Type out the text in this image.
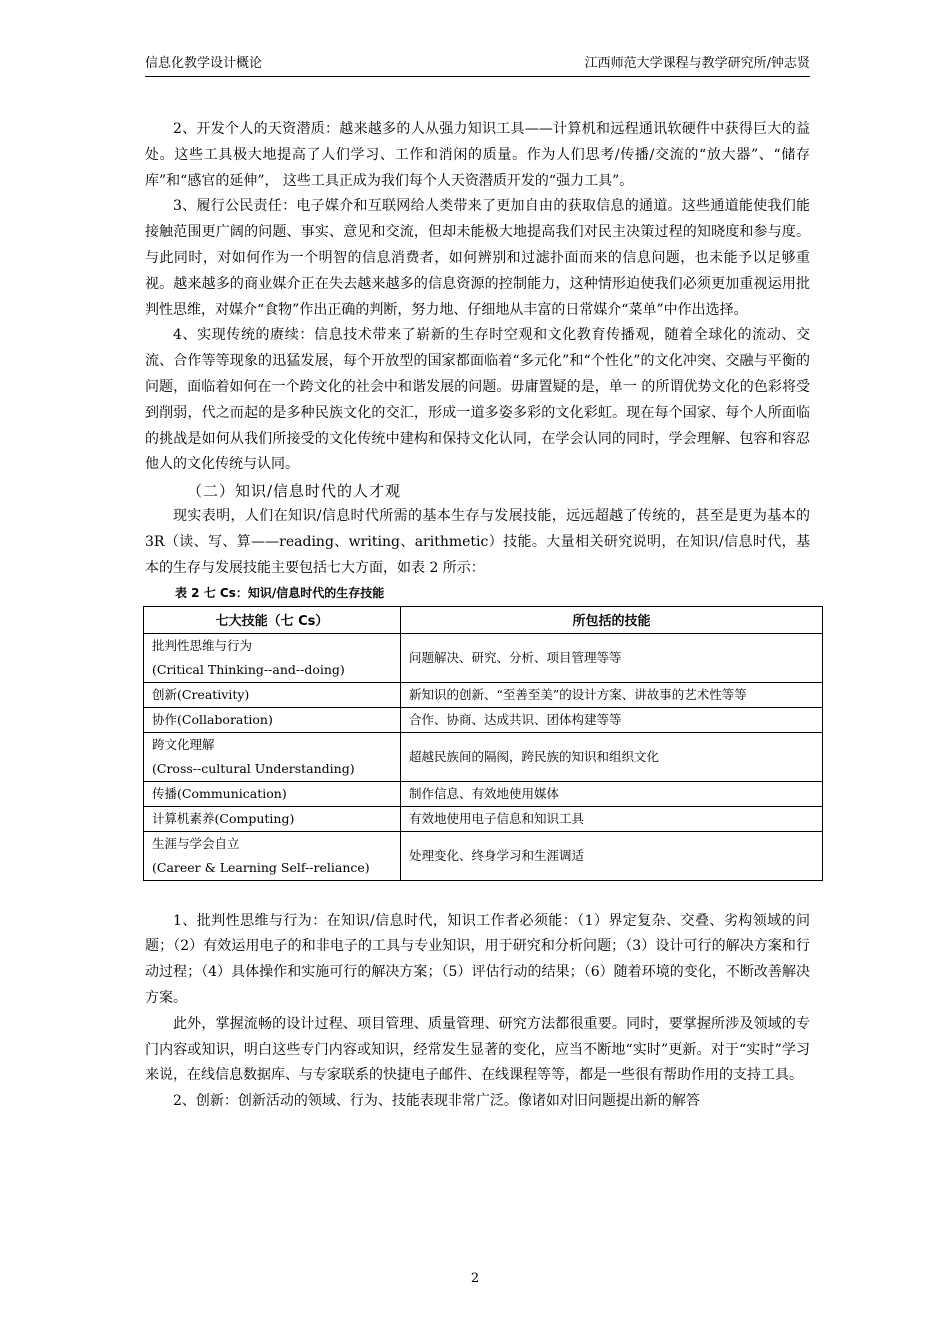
信息化教学设计概论	江西师范大学课程与教学研究所/钟志贤

2、开发个人的天资潜质：越来越多的人从强力知识工具——计算机和远程通讯软硬件中获得巨大的益处。这些工具极大地提高了人们学习、工作和消闲的质量。作为人们思考/传播/交流的“放大器”、“储存库”和“感官的延伸”， 这些工具正成为我们每个人天资潜质开发的“强力工具”。

3、履行公民责任：电子媒介和互联网给人类带来了更加自由的获取信息的通道。这些通道能使我们能接触范围更广阔的问题、事实、意见和交流，但却未能极大地提高我们对民主决策过程的知晓度和参与度。与此同时，对如何作为一个明智的信息消费者，如何辨别和过滤扑面而来的信息问题，也未能予以足够重视。越来越多的商业媒介正在失去越来越多的信息资源的控制能力，这种情形迫使我们必须更加重视运用批判性思维，对媒介“食物”作出正确的判断，努力地、仔细地从丰富的日常媒介“菜单”中作出选择。

4、实现传统的赓续：信息技术带来了崭新的生存时空观和文化教育传播观，随着全球化的流动、交流、合作等等现象的迅猛发展，每个开放型的国家都面临着“多元化”和“个性化”的文化冲突、交融与平衡的问题，面临着如何在一个跨文化的社会中和谐发展的问题。毋庸置疑的是，单一 的所谓优势文化的色彩将受到削弱，代之而起的是多种民族文化的交汇，形成一道多姿多彩的文化彩虹。现在每个国家、每个人所面临的挑战是如何从我们所接受的文化传统中建构和保持文化认同，在学会认同的同时，学会理解、包容和容忍他人的文化传统与认同。

（二）知识/信息时代的人才观

现实表明，人们在知识/信息时代所需的基本生存与发展技能，远远超越了传统的，甚至是更为基本的 3R（读、写、算——reading、writing、arithmetic）技能。大量相关研究说明，在知识/信息时代，基本的生存与发展技能主要包括七大方面，如表 2 所示：

表 2 七 Cs：知识/信息时代的生存技能

七大技能（七 Cs）	所包括的技能

批判性思维与行为
(Critical Thinking--and--doing)	问题解决、研究、分析、项目管理等等
创新(Creativity)	新知识的创新、“至善至美”的设计方案、讲故事的艺术性等等
协作(Collaboration)	合作、协商、达成共识、团体构建等等

跨文化理解
(Cross--cultural Understanding)	超越民族间的隔阂，跨民族的知识和组织文化
传播(Communication)	制作信息、有效地使用媒体
计算机素养(Computing)	有效地使用电子信息和知识工具

生涯与学会自立
(Career & Learning Self--reliance)	处理变化、终身学习和生涯调适

1、批判性思维与行为：在知识/信息时代，知识工作者必须能：（1）界定复杂、交叠、劣构领域的问题；（2）有效运用电子的和非电子的工具与专业知识，用于研究和分析问题；（3）设计可行的解决方案和行动过程；（4）具体操作和实施可行的解决方案；（5）评估行动的结果；（6）随着环境的变化，不断改善解决方案。

此外，掌握流畅的设计过程、项目管理、质量管理、研究方法都很重要。同时，要掌握所涉及领域的专门内容或知识，明白这些专门内容或知识，经常发生显著的变化，应当不断地“实时”更新。对于“实时”学习来说，在线信息数据库、与专家联系的快捷电子邮件、在线课程等等，都是一些很有帮助作用的支持工具。

2、创新：创新活动的领域、行为、技能表现非常广泛。像诸如对旧问题提出新的解答

2
